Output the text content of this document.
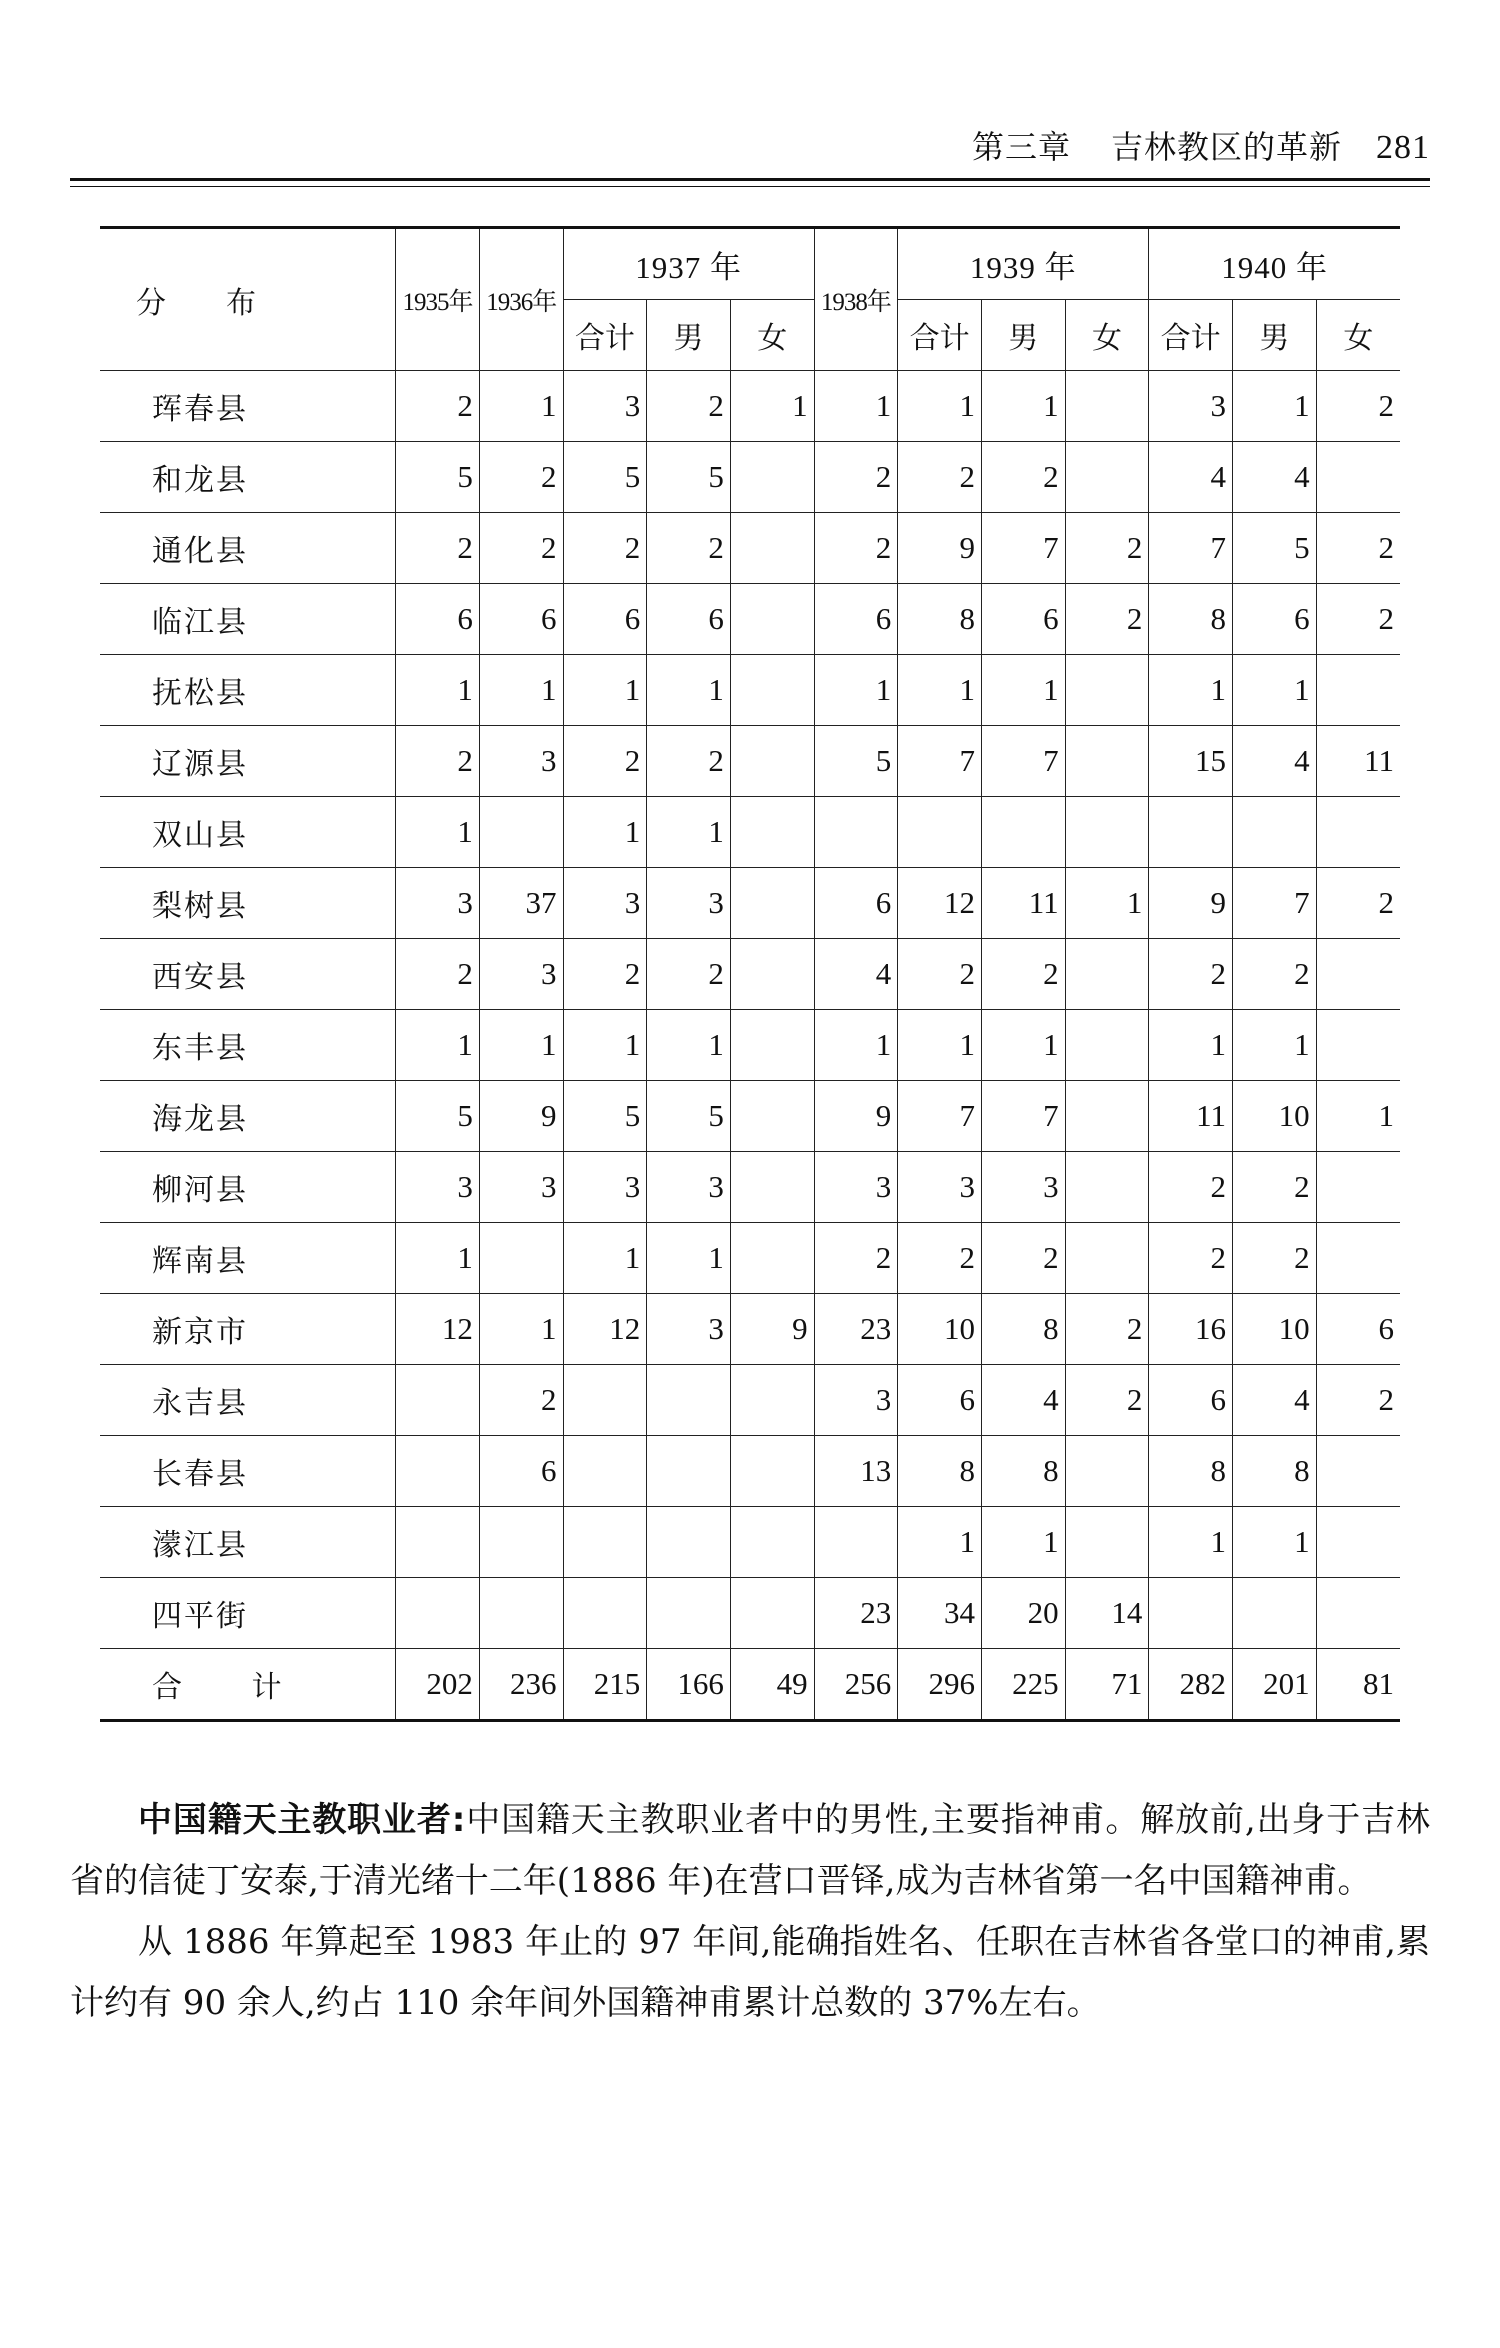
第三章 吉林教区的革新 281
分　　布	1935年	1936年	1937 年			1938年	1939 年			1940 年		
			合计	男	女		合计	男	女	合计	男	女
珲春县	2	1	3	2	1	1	1	1		3	1	2
和龙县	5	2	5	5		2	2	2		4	4	
通化县	2	2	2	2		2	9	7	2	7	5	2
临江县	6	6	6	6		6	8	6	2	8	6	2
抚松县	1	1	1	1		1	1	1		1	1	
辽源县	2	3	2	2		5	7	7		15	4	11
双山县	1		1	1								
梨树县	3	37	3	3		6	12	11	1	9	7	2
西安县	2	3	2	2		4	2	2		2	2	
东丰县	1	1	1	1		1	1	1		1	1	
海龙县	5	9	5	5		9	7	7		11	10	1
柳河县	3	3	3	3		3	3	3		2	2	
辉南县	1		1	1		2	2	2		2	2	
新京市	12	1	12	3	9	23	10	8	2	16	10	6
永吉县		2				3	6	4	2	6	4	2
长春县		6				13	8	8		8	8	
濛江县							1	1		1	1	
四平街						23	34	20	14			
合 计	202	236	215	166	49	256	296	225	71	282	201	81

中国籍天主教职业者:中国籍天主教职业者中的男性,主要指神甫。解放前,出身于吉林省的信徒丁安泰,于清光绪十二年(1886 年)在营口晋铎,成为吉林省第一名中国籍神甫。

从 1886 年算起至 1983 年止的 97 年间,能确指姓名、任职在吉林省各堂口的神甫,累计约有 90 余人,约占 110 余年间外国籍神甫累计总数的 37%左右。
